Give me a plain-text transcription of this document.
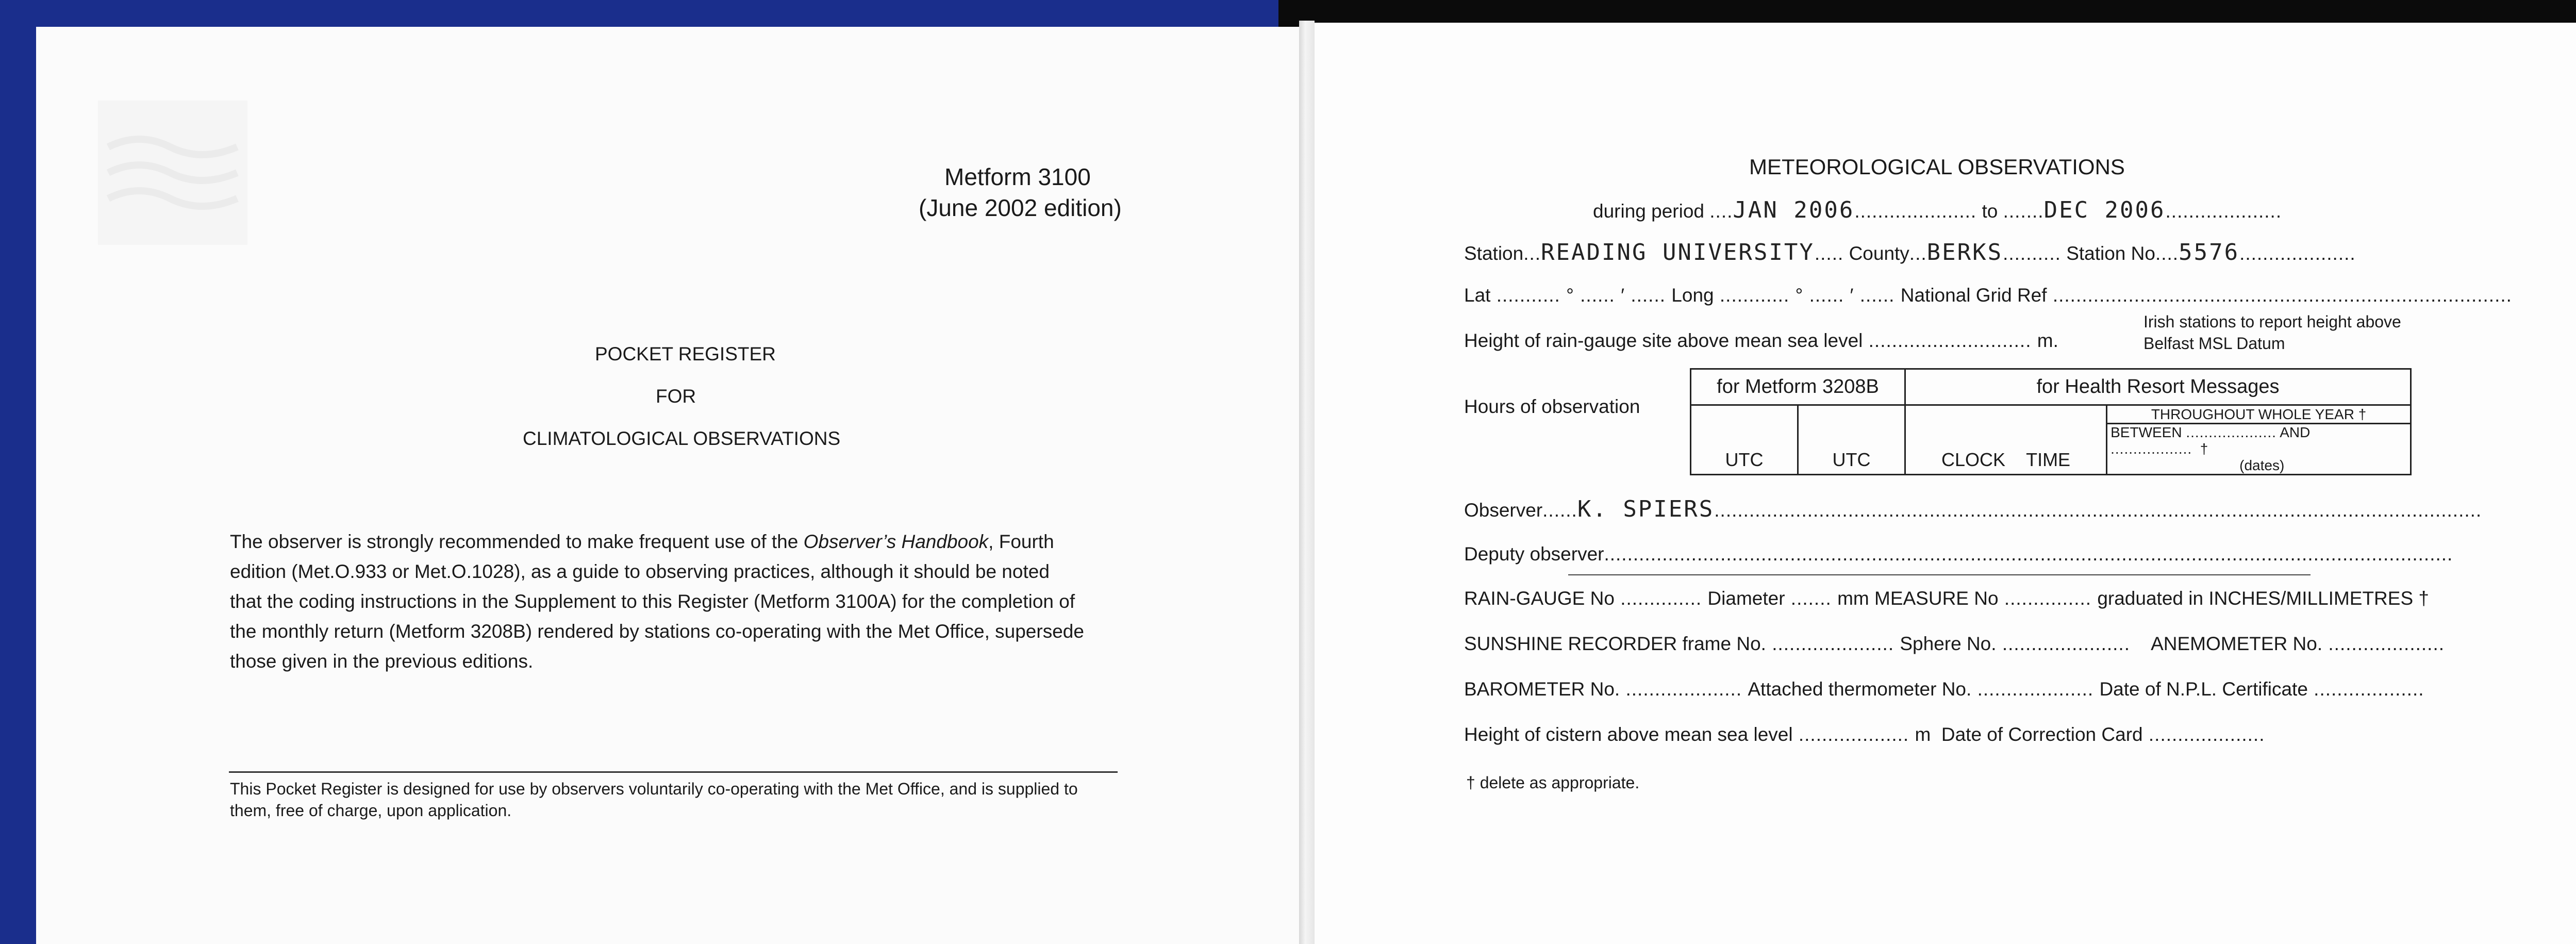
Metform 3100
(June 2002 edition)
POCKET REGISTER
FOR
CLIMATOLOGICAL OBSERVATIONS
The observer is strongly recommended to make frequent use of the Observer’s Handbook, Fourth
edition (Met.O.933 or Met.O.1028), as a guide to observing practices, although it should be noted
that the coding instructions in the Supplement to this Register (Metform 3100A) for the completion of
the monthly return (Metform 3208B) rendered by stations co-operating with the Met Office, supersede
those given in the previous editions.
This Pocket Register is designed for use by observers voluntarily co-operating with the Met Office, and is supplied to
them, free of charge, upon application.
METEOROLOGICAL OBSERVATIONS
during period ....JAN 2006..................... to .......DEC 2006....................
Station...READING UNIVERSITY..... County...BERKS.......... Station No....5576....................
Lat ........... ° ...... ′ ...... Long ............ ° ...... ′ ...... National Grid Ref ...............................................................................
Height of rain-gauge site above mean sea level ............................ m.
Irish stations to report height above
Belfast MSL Datum
Hours of observation
for Metform 3208B		for Health Resort Messages	
UTC	UTC	CLOCK TIME	THROUGHOUT WHOLE YEAR †
			BETWEEN .................... AND .................. †
(dates)
Observer......K. SPIERS....................................................................................................................................
Deputy observer..................................................................................................................................................
RAIN-GAUGE No .............. Diameter ....... mm MEASURE No ............... graduated in INCHES/MILLIMETRES †
SUNSHINE RECORDER frame No. ..................... Sphere No. ......................    ANEMOMETER No. ....................
BAROMETER No. .................... Attached thermometer No. .................... Date of N.P.L. Certificate ...................
Height of cistern above mean sea level ................... m Date of Correction Card ....................
† delete as appropriate.
